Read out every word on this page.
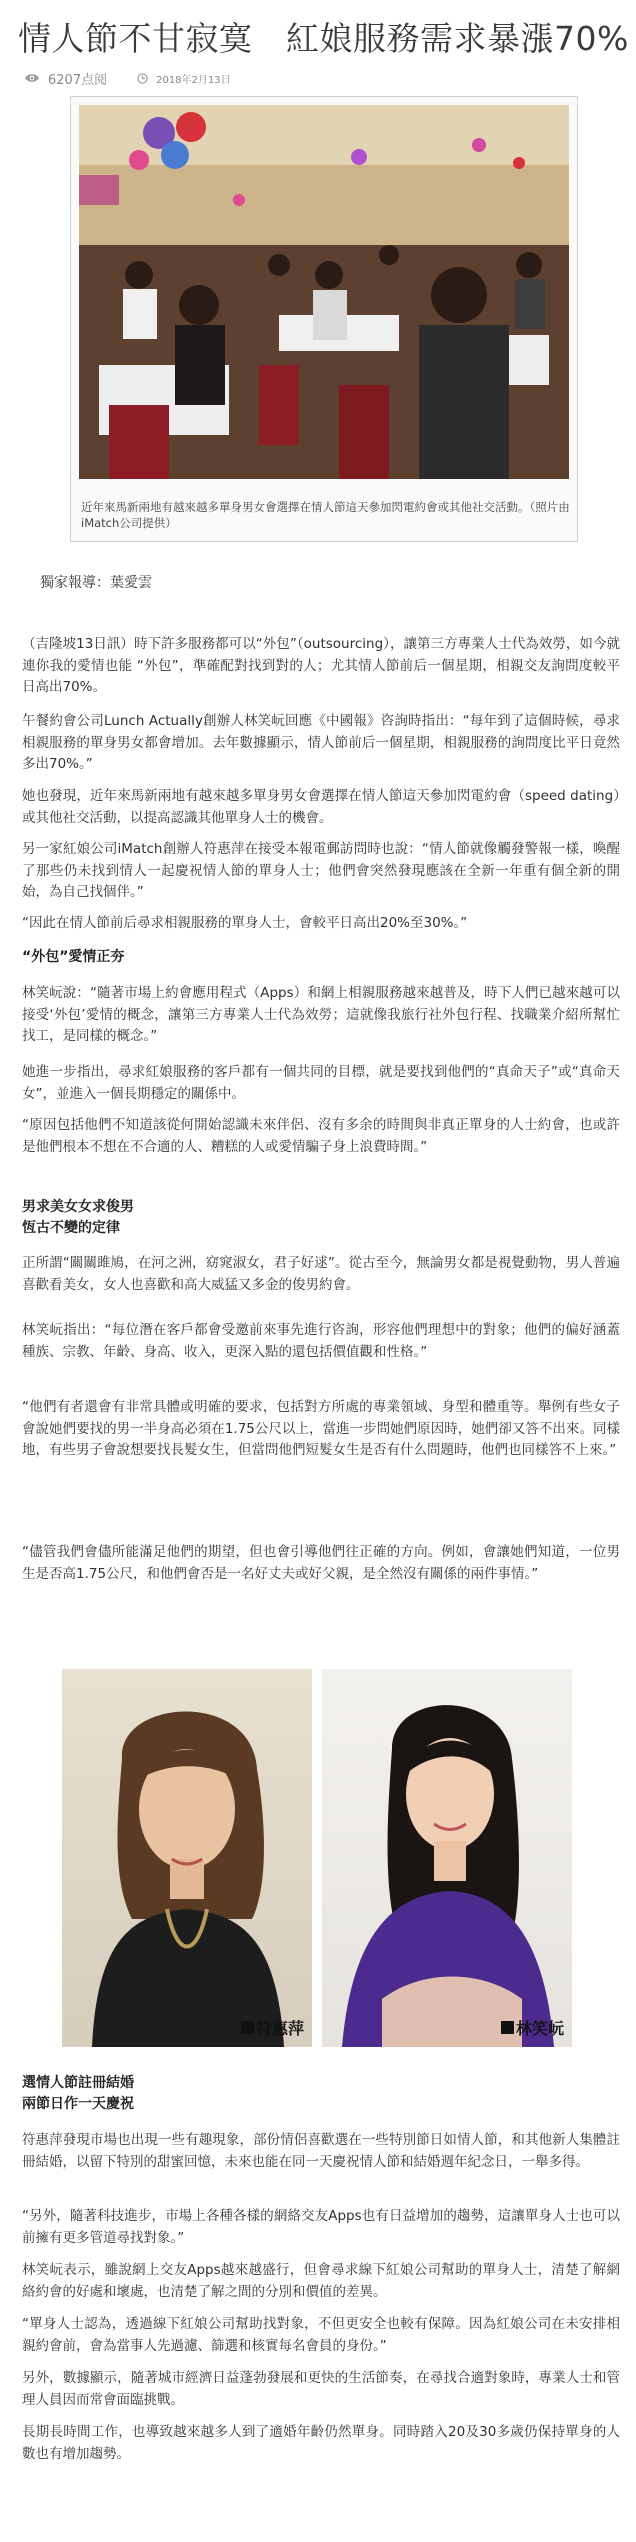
情人節不甘寂寞　紅娘服務需求暴漲70%
6207点阅	2018年2月13日
近年來馬新兩地有越來越多單身男女會選擇在情人節這天參加閃電約會或其他社交活動。（照片由iMatch公司提供）
獨家報導：葉愛雲

（吉隆坡13日訊）時下許多服務都可以“外包”（outsourcing），讓第三方專業人士代為效勞，如今就連你我的愛情也能 “外包”，準確配對找到對的人；尤其情人節前后一個星期，相親交友詢問度較平日高出70%。

午餐約會公司Lunch Actually創辦人林笑岏回應《中國報》咨詢時指出：“每年到了這個時候，尋求相親服務的單身男女都會增加。去年數據顯示，情人節前后一個星期，相親服務的詢問度比平日竟然多出70%。”

她也發現，近年來馬新兩地有越來越多單身男女會選擇在情人節這天參加閃電約會（speed dating）或其他社交活動，以提高認識其他單身人士的機會。

另一家紅娘公司iMatch創辦人符惠萍在接受本報電郵訪問時也說：“情人節就像觸發警報一樣，喚醒了那些仍未找到情人一起慶祝情人節的單身人士；他們會突然發現應該在全新一年重有個全新的開始，為自己找個伴。”

“因此在情人節前后尋求相親服務的單身人士，會較平日高出20%至30%。”

“外包”愛情正夯

林笑岏說：“隨著市場上約會應用程式（Apps）和網上相親服務越來越普及，時下人們已越來越可以接受‘外包’愛情的概念，讓第三方專業人士代為效勞；這就像我旅行社外包行程、找職業介紹所幫忙找工，是同樣的概念。”

她進一步指出，尋求紅娘服務的客戶都有一個共同的目標，就是要找到他們的“真命天子”或“真命天女”，並進入一個長期穩定的關係中。

“原因包括他們不知道該從何開始認識未來伴侶、沒有多余的時間與非真正單身的人士約會，也或許是他們根本不想在不合適的人、糟糕的人或愛情騙子身上浪費時間。”

男求美女女求俊男

恆古不變的定律

正所謂“關關雎鳩，在河之洲，窈窕淑女，君子好逑”。從古至今，無論男女都是視覺動物，男人普遍喜歡看美女，女人也喜歡和高大威猛又多金的俊男約會。

林笑岏指出：“每位潛在客戶都會受邀前來事先進行咨詢，形容他們理想中的對象；他們的偏好涵蓋種族、宗教、年齡、身高、收入，更深入點的還包括價值觀和性格。”

“他們有者還會有非常具體或明確的要求，包括對方所處的專業領域、身型和體重等。舉例有些女子會說她們要找的男一半身高必須在1.75公尺以上，當進一步問她們原因時，她們卻又答不出來。同樣地，有些男子會說想要找長髮女生，但當問他們短髮女生是否有什么問題時，他們也同樣答不上來。”

“儘管我們會儘所能滿足他們的期望，但也會引導他們往正確的方向。例如，會讓她們知道，一位男生是否高1.75公尺，和他們會否是一名好丈夫或好父親，是全然沒有關係的兩件事情。”

符惠萍	林笑岏

選情人節註冊結婚

兩節日作一天慶祝

符惠萍發現市場也出現一些有趣現象，部份情侶喜歡選在一些特別節日如情人節，和其他新人集體註冊結婚，以留下特別的甜蜜回憶，未來也能在同一天慶祝情人節和結婚週年紀念日，一舉多得。

“另外，隨著科技進步，市場上各種各樣的網絡交友Apps也有日益增加的趨勢，這讓單身人士也可以前擁有更多管道尋找對象。”

林笑岏表示，雖說網上交友Apps越來越盛行，但會尋求線下紅娘公司幫助的單身人士，清楚了解網絡約會的好處和壞處，也清楚了解之間的分別和價值的差異。

“單身人士認為，透過線下紅娘公司幫助找對象，不但更安全也較有保障。因為紅娘公司在未安排相親約會前，會為當事人先過濾、篩選和核實每名會員的身份。”

另外，數據顯示，隨著城市經濟日益蓬勃發展和更快的生活節奏，在尋找合適對象時，專業人士和管理人員因而常會面臨挑戰。

長期長時間工作，也導致越來越多人到了適婚年齡仍然單身。同時踏入20及30多歲仍保持單身的人數也有增加趨勢。
